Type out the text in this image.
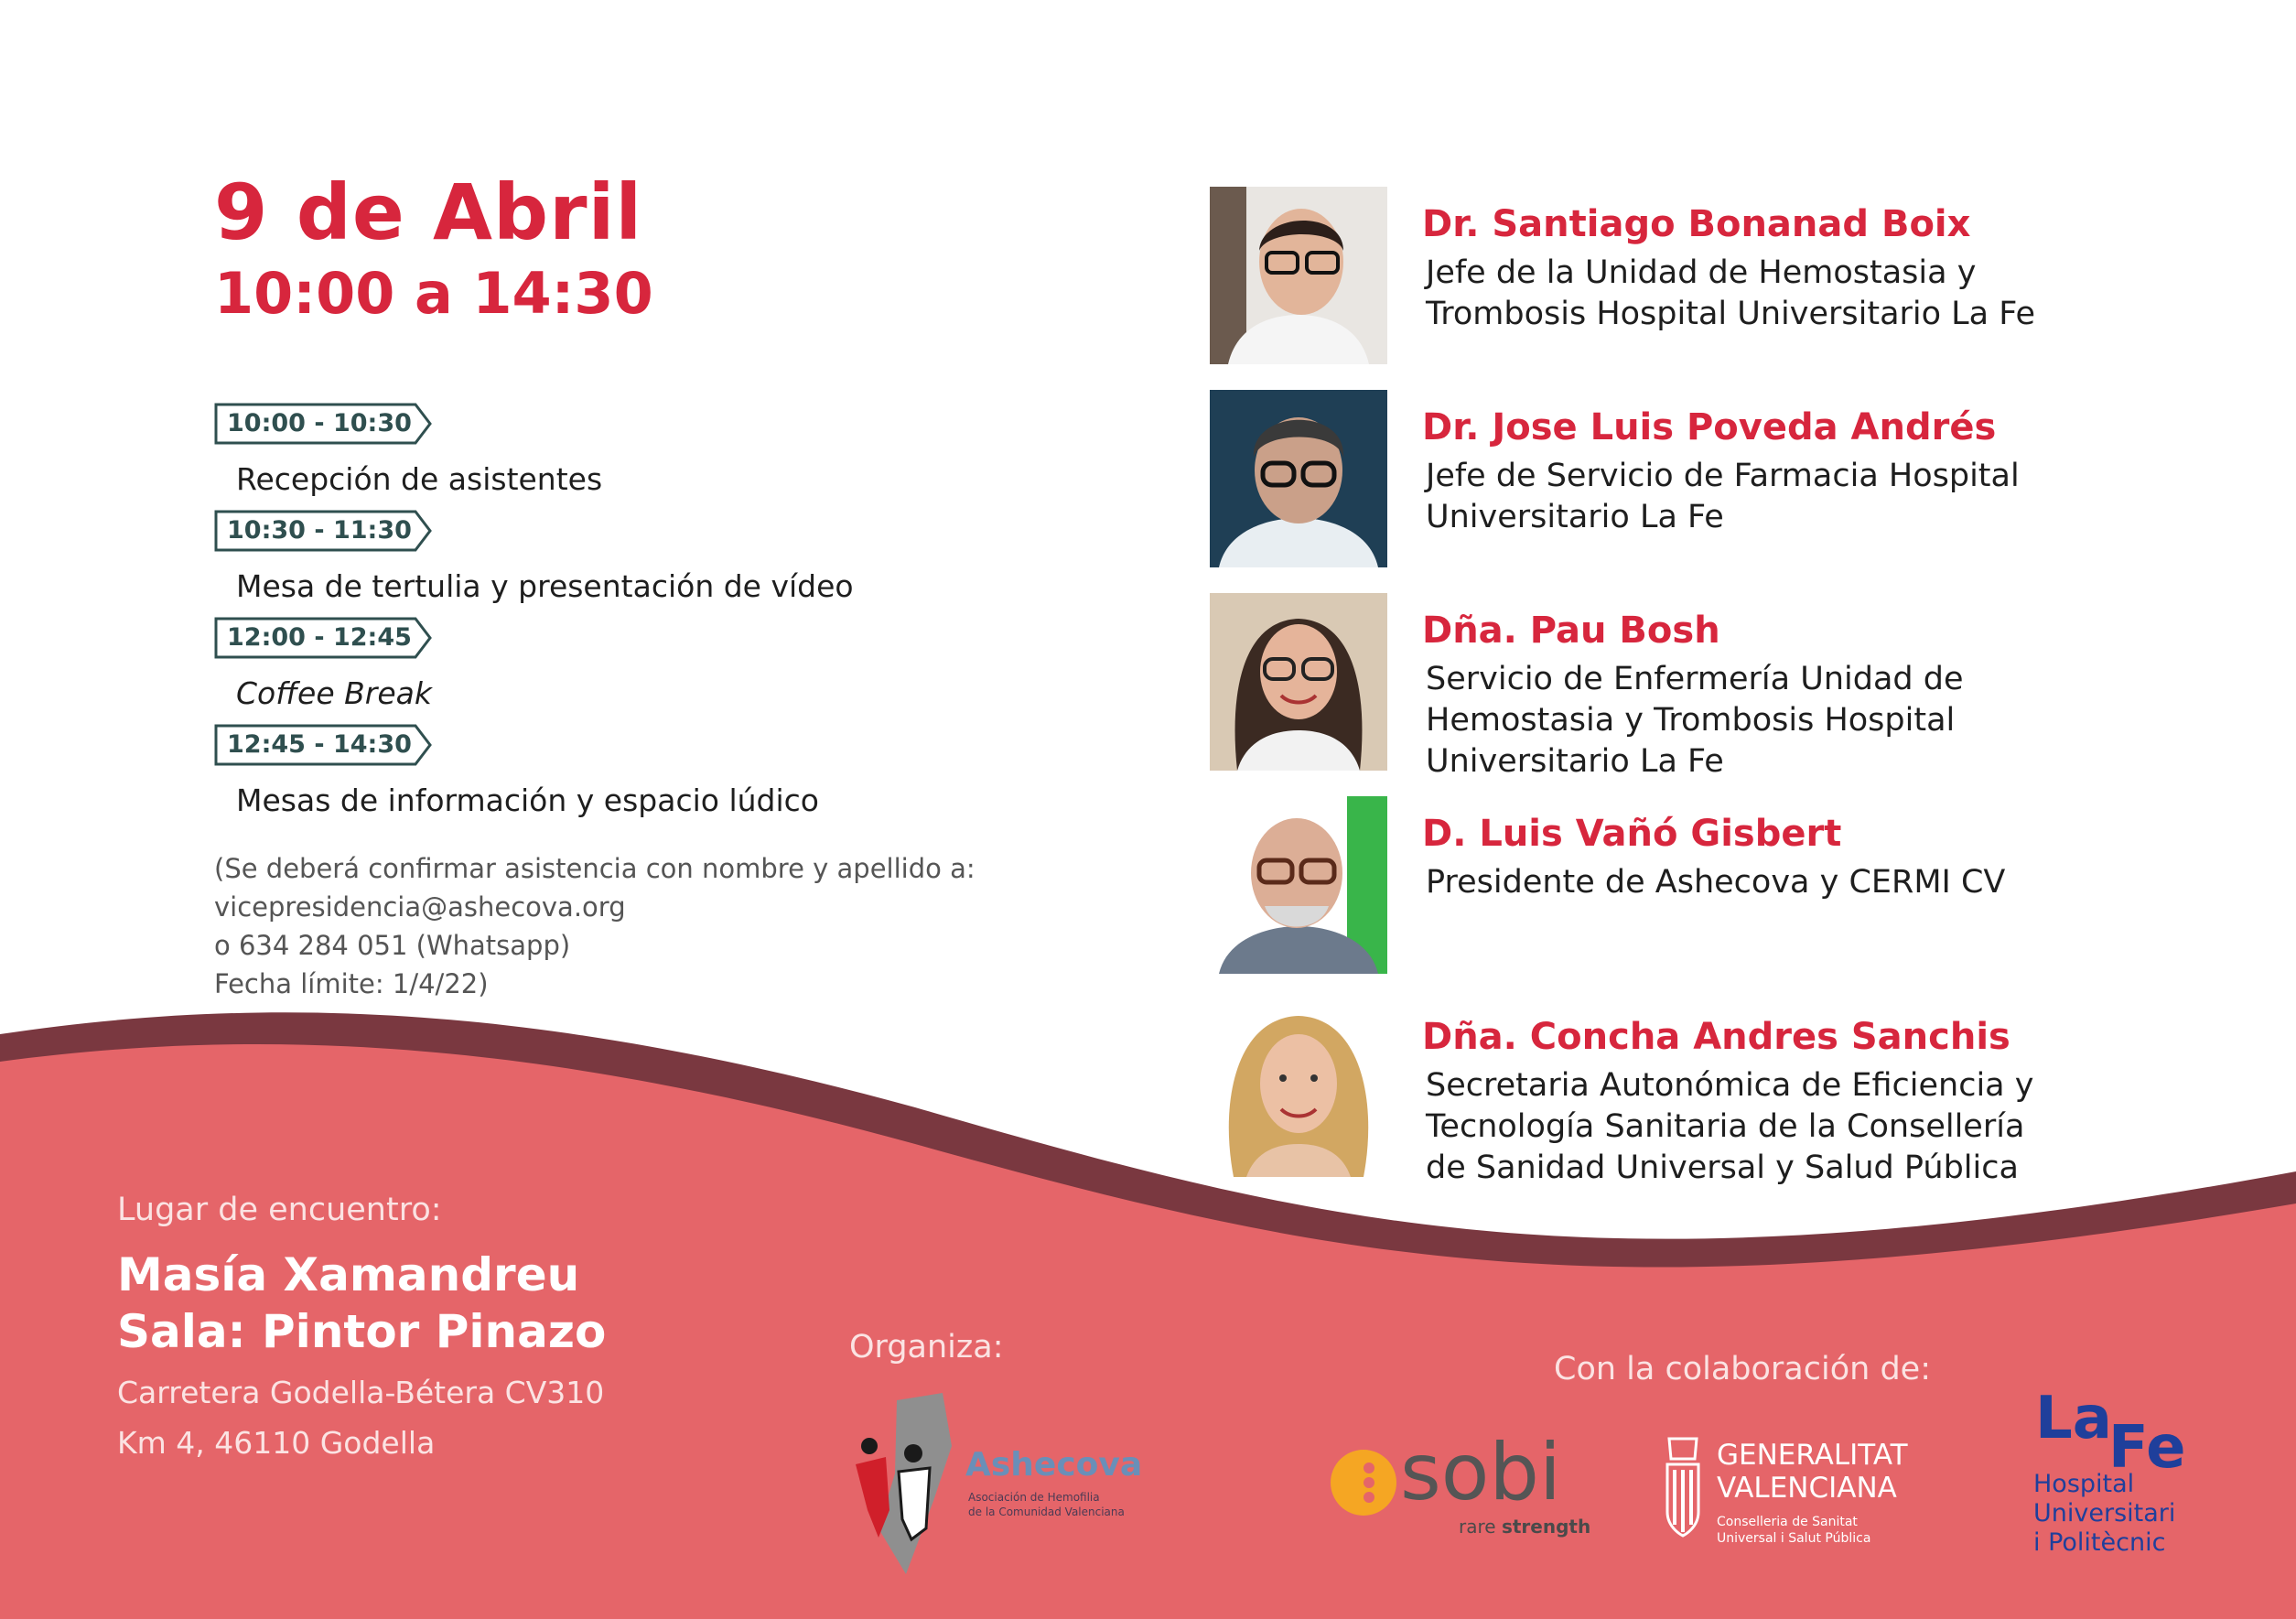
9 de Abril
10:00 a 14:30
10:00 - 10:30
Recepción de asistentes
10:30 - 11:30
Mesa de tertulia y presentación de vídeo
12:00 - 12:45
Coffee Break
12:45 - 14:30
Mesas de información y espacio lúdico
(Se deberá confirmar asistencia con nombre y apellido a:
vicepresidencia@ashecova.org
o 634 284 051 (Whatsapp)
Fecha límite: 1/4/22)
Dr. Santiago Bonanad Boix
Jefe de la Unidad de Hemostasia y
Trombosis Hospital Universitario La Fe
Dr. Jose Luis Poveda Andrés
Jefe de Servicio de Farmacia Hospital
Universitario La Fe
Dña. Pau Bosh
Servicio de Enfermería Unidad de
Hemostasia y Trombosis Hospital
Universitario La Fe
D. Luis Vañó Gisbert
Presidente de Ashecova y CERMI CV
Dña. Concha Andres Sanchis
Secretaria Autonómica de Eficiencia y
Tecnología Sanitaria de la Consellería
de Sanidad Universal y Salud Pública
Lugar de encuentro:
Masía Xamandreu
Sala: Pintor Pinazo
Carretera Godella-Bétera CV310
Km 4, 46110 Godella
Organiza:
Ashecova
Asociación de Hemofilia
de la Comunidad Valenciana
Con la colaboración de:
sobi
rare strength
GENERALITAT
VALENCIANA
Conselleria de Sanitat
Universal i Salut Pública
La
Fe
Hospital
Universitari
i Politècnic
